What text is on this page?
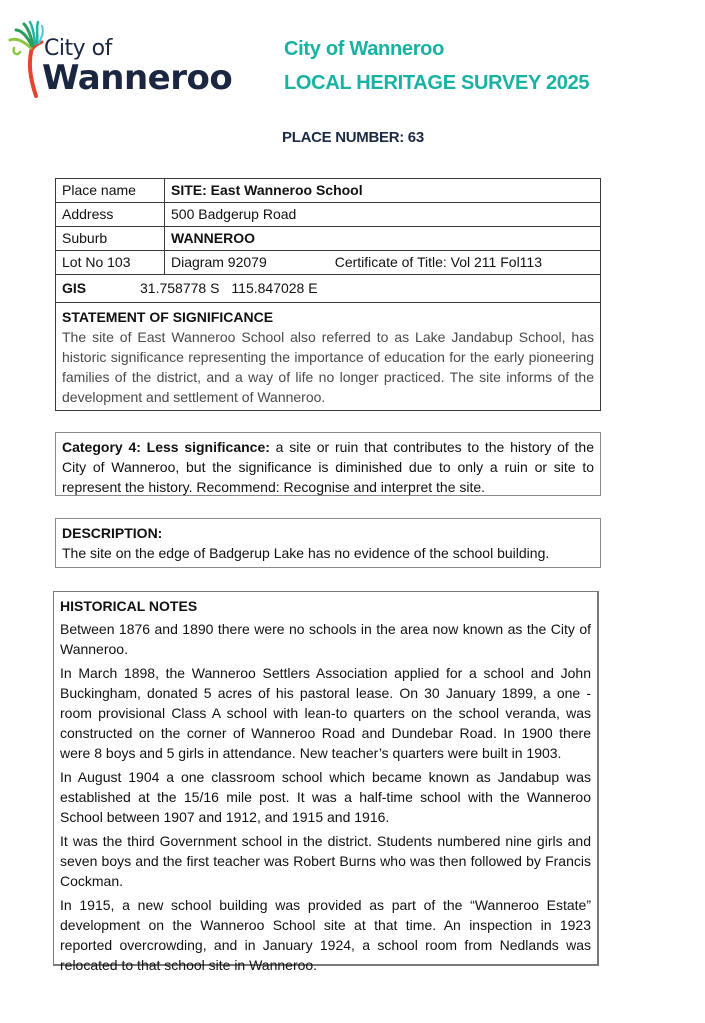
City of
Wanneroo
City of Wanneroo
LOCAL HERITAGE SURVEY 2025
PLACE NUMBER: 63
Place name	SITE: East Wanneroo School
Address	500 Badgerup Road
Suburb	WANNEROO
Lot No 103	Diagram 92079	Certificate of Title: Vol 211 Fol113
GIS	31.758778 S 115.847028 E
STATEMENT OF SIGNIFICANCE
The site of East Wanneroo School also referred to as Lake Jandabup School, has historic significance representing the importance of education for the early pioneering families of the district, and a way of life no longer practiced. The site informs of the development and settlement of Wanneroo.

Category 4: Less significance: a site or ruin that contributes to the history of the City of Wanneroo, but the significance is diminished due to only a ruin or site to represent the history. Recommend: Recognise and interpret the site.

DESCRIPTION:

The site on the edge of Badgerup Lake has no evidence of the school building.

HISTORICAL NOTES

Between 1876 and 1890 there were no schools in the area now known as the City of Wanneroo.

In March 1898, the Wanneroo Settlers Association applied for a school and John Buckingham, donated 5 acres of his pastoral lease. On 30 January 1899, a one - room provisional Class A school with lean-to quarters on the school veranda, was constructed on the corner of Wanneroo Road and Dundebar Road. In 1900 there were 8 boys and 5 girls in attendance. New teacher’s quarters were built in 1903.

In August 1904 a one classroom school which became known as Jandabup was established at the 15/16 mile post. It was a half-time school with the Wanneroo School between 1907 and 1912, and 1915 and 1916.

It was the third Government school in the district. Students numbered nine girls and seven boys and the first teacher was Robert Burns who was then followed by Francis Cockman.

In 1915, a new school building was provided as part of the “Wanneroo Estate” development on the Wanneroo School site at that time. An inspection in 1923 reported overcrowding, and in January 1924, a school room from Nedlands was relocated to that school site in Wanneroo.
